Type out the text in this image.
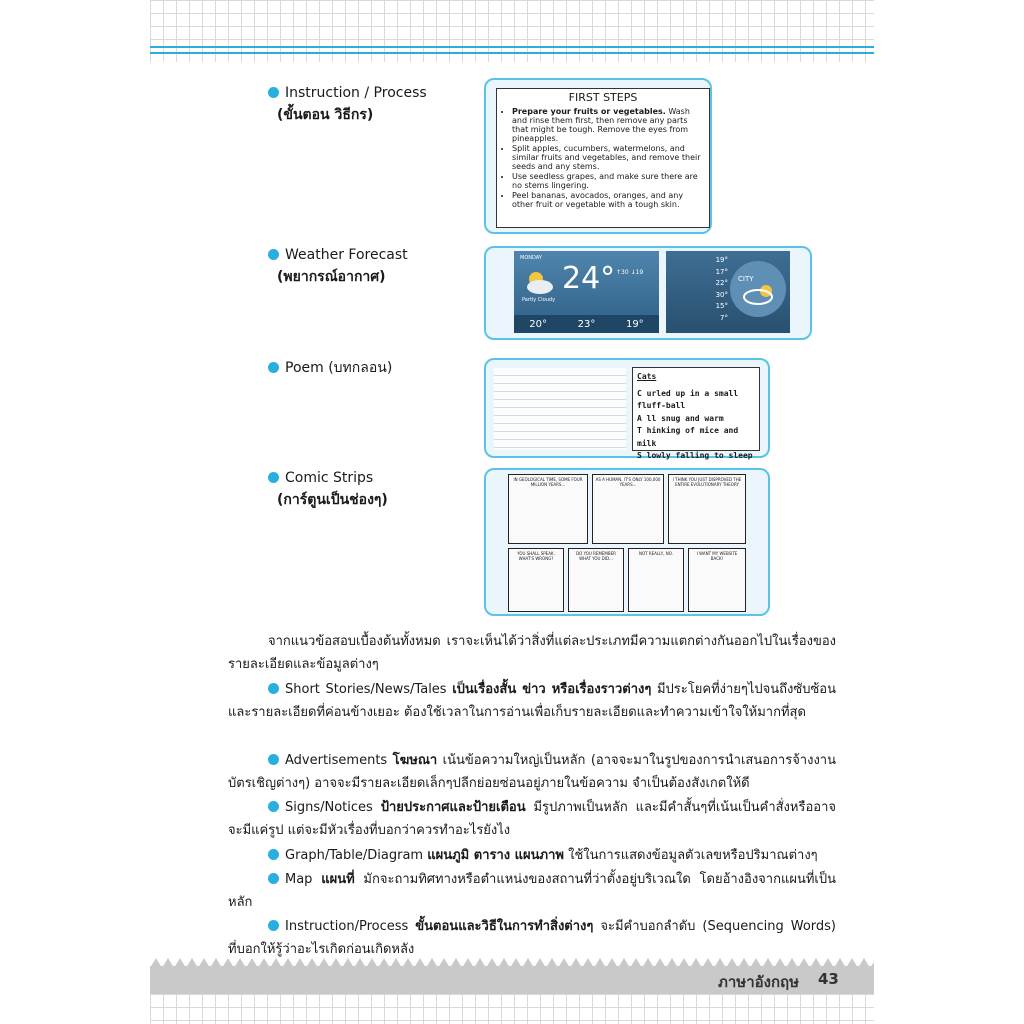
Instruction / Process
(ขั้นตอน วิธีกร)
FIRST STEPS
• Prepare your fruits or vegetables. Wash and rinse them first, then remove any parts that might be tough. Remove the eyes from pineapples.
• Split apples, cucumbers, watermelons, and similar fruits and vegetables, and remove their seeds and any stems.
• Use seedless grapes, and make sure there are no stems lingering.
• Peel bananas, avocados, oranges, and any other fruit or vegetable with a tough skin.
Weather Forecast
(พยากรณ์อากาศ)
MONDAY
24° ↑30 ↓19
Partly Cloudy
20°	23°	19°
19°
17°
22°
30°
15°
7°
CITY
Poem (บทกลอน)
Cats
C urled up in a small fluff-ball
A ll snug and warm
T hinking of mice and milk
S lowly falling to sleep
Comic Strips
(การ์ตูนเป็นช่องๆ)
IN GEOLOGICAL TIME, SOME FOUR MILLION YEARS...
AS A HUMAN, IT'S ONLY 100,000 YEARS...
I THINK YOU JUST DISPROVED THE ENTIRE EVOLUTIONARY THEORY
YOU SHALL SPEAK. WHAT'S WRONG?
DO YOU REMEMBER WHAT YOU DID...
NOT REALLY, NO.	I WANT MY WEBSITE BACK!
จากแนวข้อสอบเบื้องต้นทั้งหมด เราจะเห็นได้ว่าสิ่งที่แต่ละประเภทมีความแตกต่างกันออกไปในเรื่องของรายละเอียดและข้อมูลต่างๆ
Short Stories/News/Tales เป็นเรื่องสั้น ข่าว หรือเรื่องราวต่างๆ มีประโยคที่ง่ายๆไปจนถึงซับซ้อนและรายละเอียดที่ค่อนข้างเยอะ ต้องใช้เวลาในการอ่านเพื่อเก็บรายละเอียดและทำความเข้าใจให้มากที่สุด
Advertisements โฆษณา เน้นข้อความใหญ่เป็นหลัก (อาจจะมาในรูปของการนำเสนอการจ้างงาน บัตรเชิญต่างๆ) อาจจะมีรายละเอียดเล็กๆปลีกย่อยซ่อนอยู่ภายในข้อความ จำเป็นต้องสังเกตให้ดี
Signs/Notices ป้ายประกาศและป้ายเตือน มีรูปภาพเป็นหลัก และมีคำสั้นๆที่เน้นเป็นคำสั่งหรืออาจจะมีแค่รูป แต่จะมีหัวเรื่องที่บอกว่าควรทำอะไรยังไง
Graph/Table/Diagram แผนภูมิ ตาราง แผนภาพ ใช้ในการแสดงข้อมูลตัวเลขหรือปริมาณต่างๆ
Map แผนที่ มักจะถามทิศทางหรือตำแหน่งของสถานที่ว่าตั้งอยู่บริเวณใด โดยอ้างอิงจากแผนที่เป็นหลัก
Instruction/Process ขั้นตอนและวิธีในการทำสิ่งต่างๆ จะมีคำบอกลำดับ (Sequencing Words) ที่บอกให้รู้ว่าอะไรเกิดก่อนเกิดหลัง
ภาษาอังกฤษ 43
